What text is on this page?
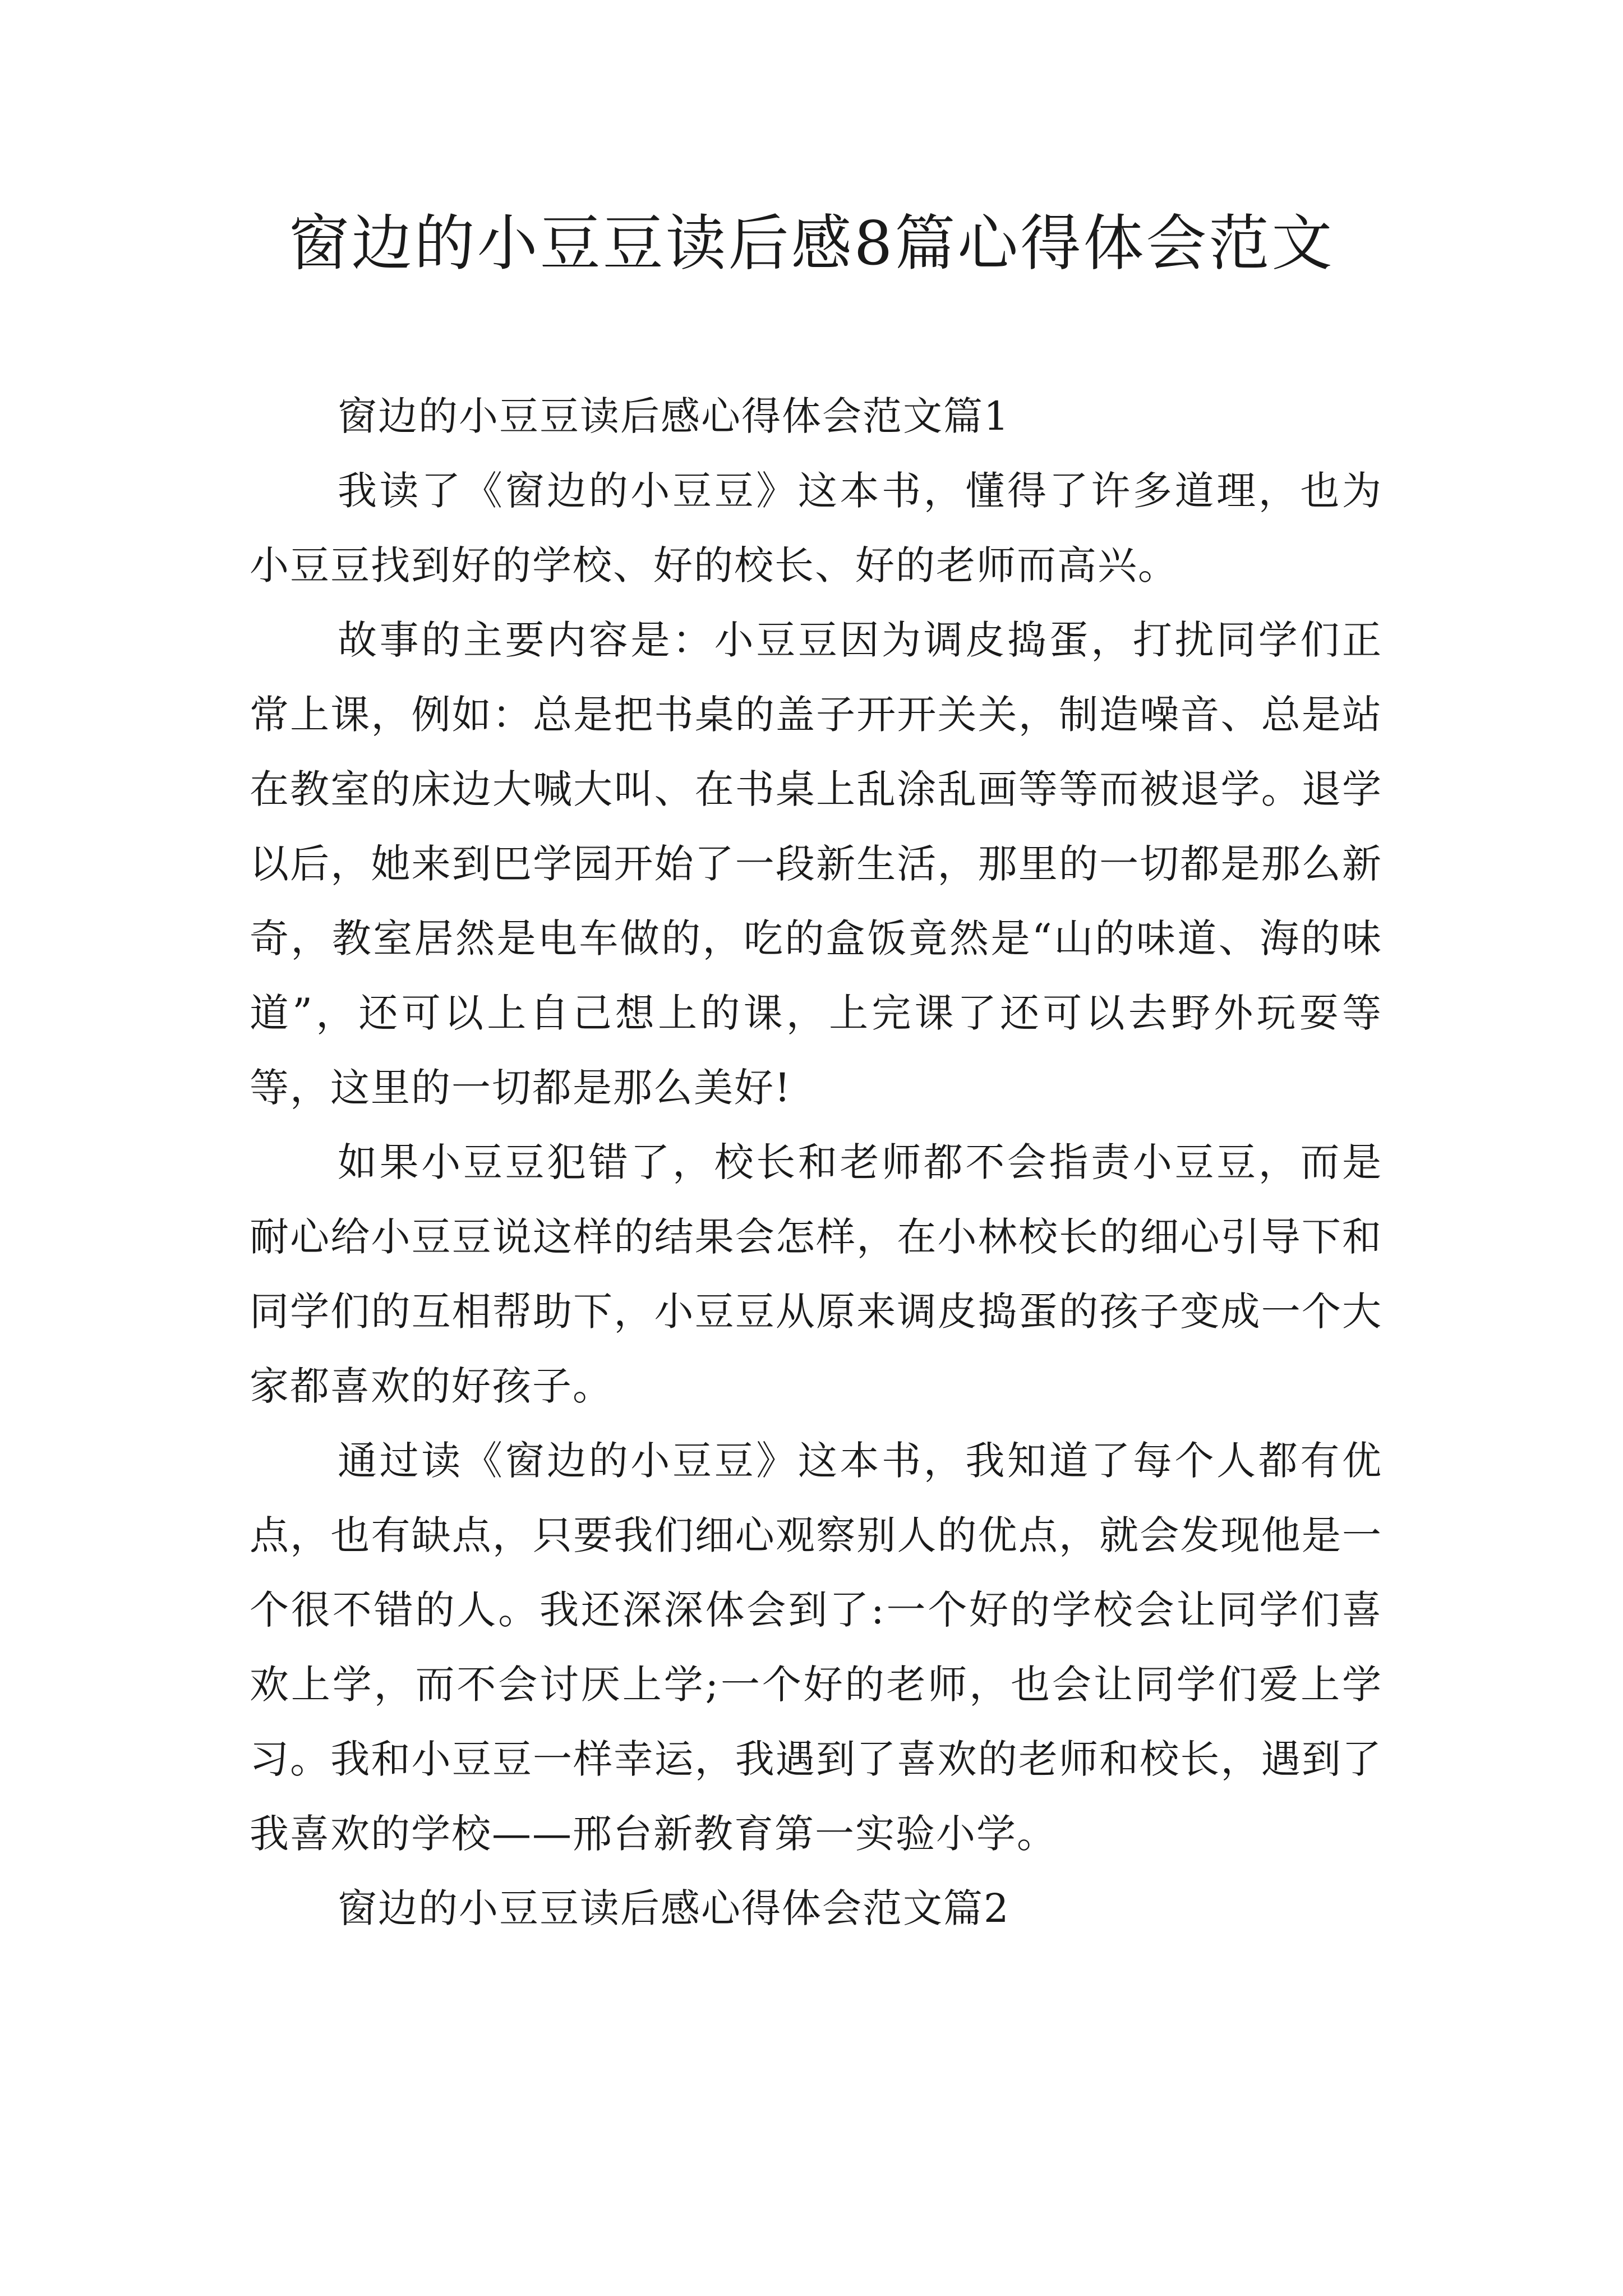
窗边的小豆豆读后感8篇心得体会范文

窗边的小豆豆读后感心得体会范文篇1

我读了《窗边的小豆豆》这本书，懂得了许多道理，也为小豆豆找到好的学校、好的校长、好的老师而高兴。

故事的主要内容是：小豆豆因为调皮捣蛋，打扰同学们正常上课，例如：总是把书桌的盖子开开关关，制造噪音、总是站在教室的床边大喊大叫、在书桌上乱涂乱画等等而被退学。退学以后，她来到巴学园开始了一段新生活，那里的一切都是那么新奇，教室居然是电车做的，吃的盒饭竟然是“山的味道、海的味道”，还可以上自己想上的课，上完课了还可以去野外玩耍等等，这里的一切都是那么美好!

如果小豆豆犯错了，校长和老师都不会指责小豆豆，而是耐心给小豆豆说这样的结果会怎样，在小林校长的细心引导下和同学们的互相帮助下，小豆豆从原来调皮捣蛋的孩子变成一个大家都喜欢的好孩子。

通过读《窗边的小豆豆》这本书，我知道了每个人都有优点，也有缺点，只要我们细心观察别人的优点，就会发现他是一个很不错的人。我还深深体会到了:一个好的学校会让同学们喜欢上学，而不会讨厌上学;一个好的老师，也会让同学们爱上学习。我和小豆豆一样幸运，我遇到了喜欢的老师和校长，遇到了我喜欢的学校——邢台新教育第一实验小学。

窗边的小豆豆读后感心得体会范文篇2
